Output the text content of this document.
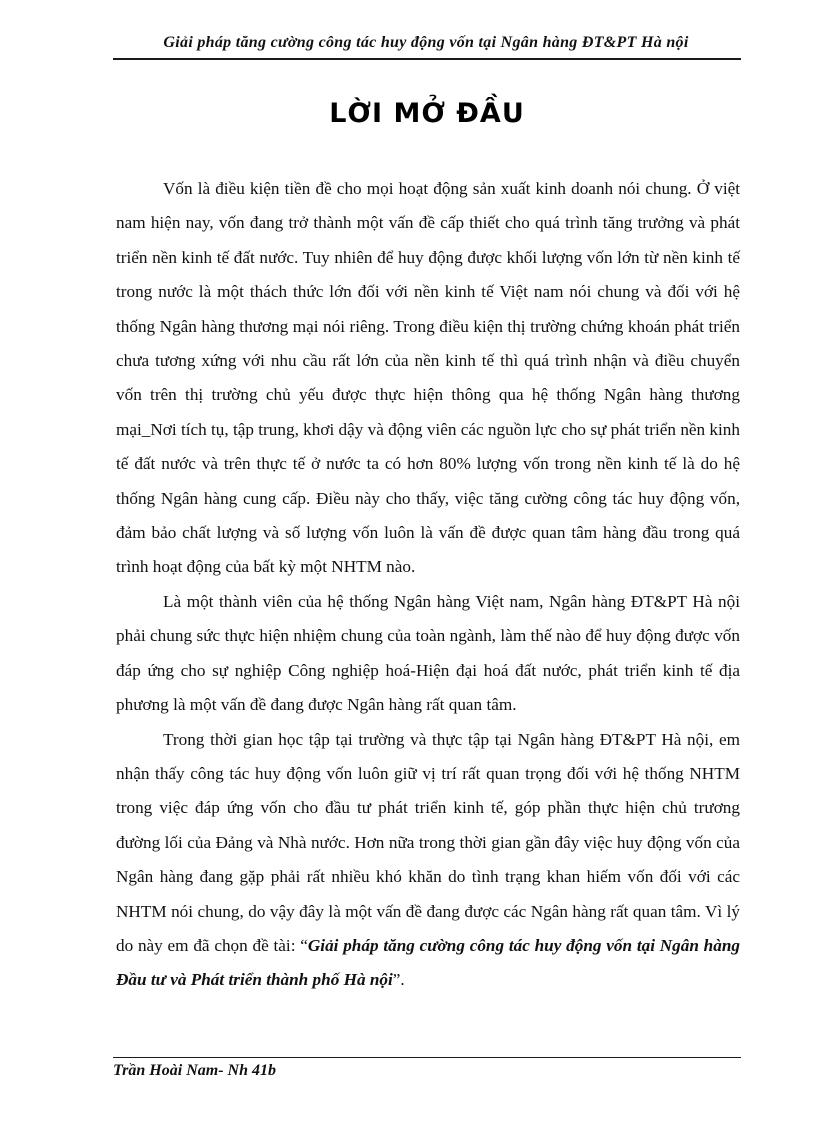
Giải pháp tăng cường công tác huy động vốn tại Ngân hàng ĐT&PT Hà nội
LỜI MỞ ĐẦU

Vốn là điều kiện tiền đề cho mọi hoạt động sản xuất kinh doanh nói chung. Ở việt nam hiện nay, vốn đang trở thành một vấn đề cấp thiết cho quá trình tăng trưởng và phát triển nền kinh tế đất nước. Tuy nhiên để huy động được khối lượng vốn lớn từ nền kinh tế trong nước là một thách thức lớn đối với nền kinh tế Việt nam nói chung và đối với hệ thống Ngân hàng thương mại nói riêng. Trong điều kiện thị trường chứng khoán phát triển chưa tương xứng với nhu cầu rất lớn của nền kinh tế thì quá trình nhận và điều chuyển vốn trên thị trường chủ yếu được thực hiện thông qua hệ thống Ngân hàng thương mại_Nơi tích tụ, tập trung, khơi dậy và động viên các nguồn lực cho sự phát triển nền kinh tế đất nước và trên thực tế ở nước ta có hơn 80% lượng vốn trong nền kinh tế là do hệ thống Ngân hàng cung cấp. Điều này cho thấy, việc tăng cường công tác huy động vốn, đảm bảo chất lượng và số lượng vốn luôn là vấn đề được quan tâm hàng đầu trong quá trình hoạt động của bất kỳ một NHTM nào.

Là một thành viên của hệ thống Ngân hàng Việt nam, Ngân hàng ĐT&PT Hà nội phải chung sức thực hiện nhiệm chung của toàn ngành, làm thế nào để huy động được vốn đáp ứng cho sự nghiệp Công nghiệp hoá-Hiện đại hoá đất nước, phát triển kinh tế địa phương là một vấn đề đang được Ngân hàng rất quan tâm.

Trong thời gian học tập tại trường và thực tập tại Ngân hàng ĐT&PT Hà nội, em nhận thấy công tác huy động vốn luôn giữ vị trí rất quan trọng đối với hệ thống NHTM trong việc đáp ứng vốn cho đầu tư phát triển kinh tế, góp phần thực hiện chủ trương đường lối của Đảng và Nhà nước. Hơn nữa trong thời gian gần đây việc huy động vốn của Ngân hàng đang gặp phải rất nhiều khó khăn do tình trạng khan hiếm vốn đối với các NHTM nói chung, do vậy đây là một vấn đề đang được các Ngân hàng rất quan tâm. Vì lý do này em đã chọn đề tài: “Giải pháp tăng cường công tác huy động vốn tại Ngân hàng Đầu tư và Phát triển thành phố Hà nội”.

Trần Hoài Nam- Nh 41b
